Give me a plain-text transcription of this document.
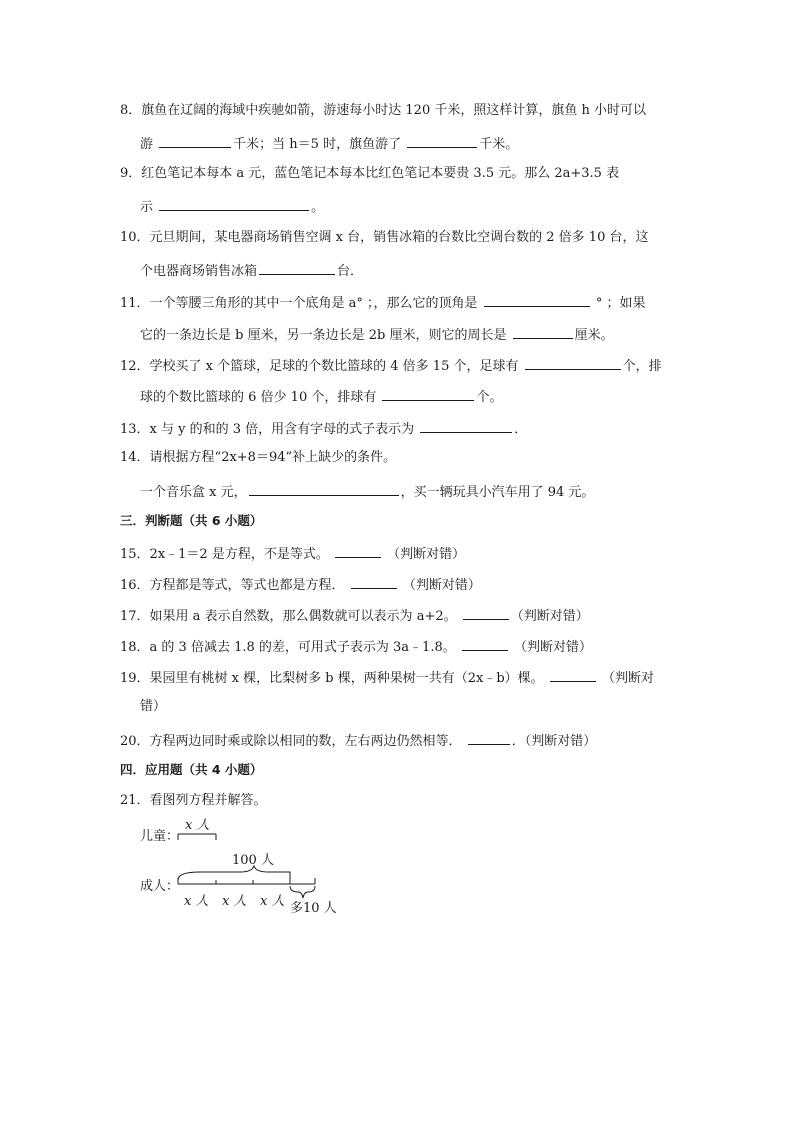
8．旗鱼在辽阔的海域中疾驰如箭，游速每小时达 120 千米，照这样计算，旗鱼 h 小时可以
游	千米；当 h＝5 时，旗鱼游了	千米。
9．红色笔记本每本 a 元，蓝色笔记本每本比红色笔记本要贵 3.5 元。那么 2a+3.5 表
示	。
10．元旦期间，某电器商场销售空调 x 台，销售冰箱的台数比空调台数的 2 倍多 10 台，这
个电器商场销售冰箱	台．
11．一个等腰三角形的其中一个底角是 a° ；，那么它的顶角是	° ；如果
它的一条边长是 b 厘米，另一条边长是 2b 厘米，则它的周长是	厘米。
12．学校买了 x 个篮球，足球的个数比篮球的 4 倍多 15 个，足球有	个，排
球的个数比篮球的 6 倍少 10 个，排球有	个。
13．x 与 y 的和的 3 倍，用含有字母的式子表示为	．
14．请根据方程“2x+8＝94”补上缺少的条件。
一个音乐盒 x 元，	，买一辆玩具小汽车用了 94 元。
三．判断题（共 6 小题）
15．2x﹣1＝2 是方程，不是等式。	（判断对错）
16．方程都是等式，等式也都是方程．	（判断对错）
17．如果用 a 表示自然数，那么偶数就可以表示为 a+2。	（判断对错）
18．a 的 3 倍减去 1.8 的差，可用式子表示为 3a﹣1.8。	（判断对错）
19．果园里有桃树 x 棵，比梨树多 b 棵，两种果树一共有（2x﹣b）棵。	（判断对
错）
20．方程两边同时乘或除以相同的数，左右两边仍然相等．	．（判断对错）
四．应用题（共 4 小题）
21．看图列方程并解答。
儿童：
x 人
100 人
成人：
x 人 x 人 x 人 多10 人
